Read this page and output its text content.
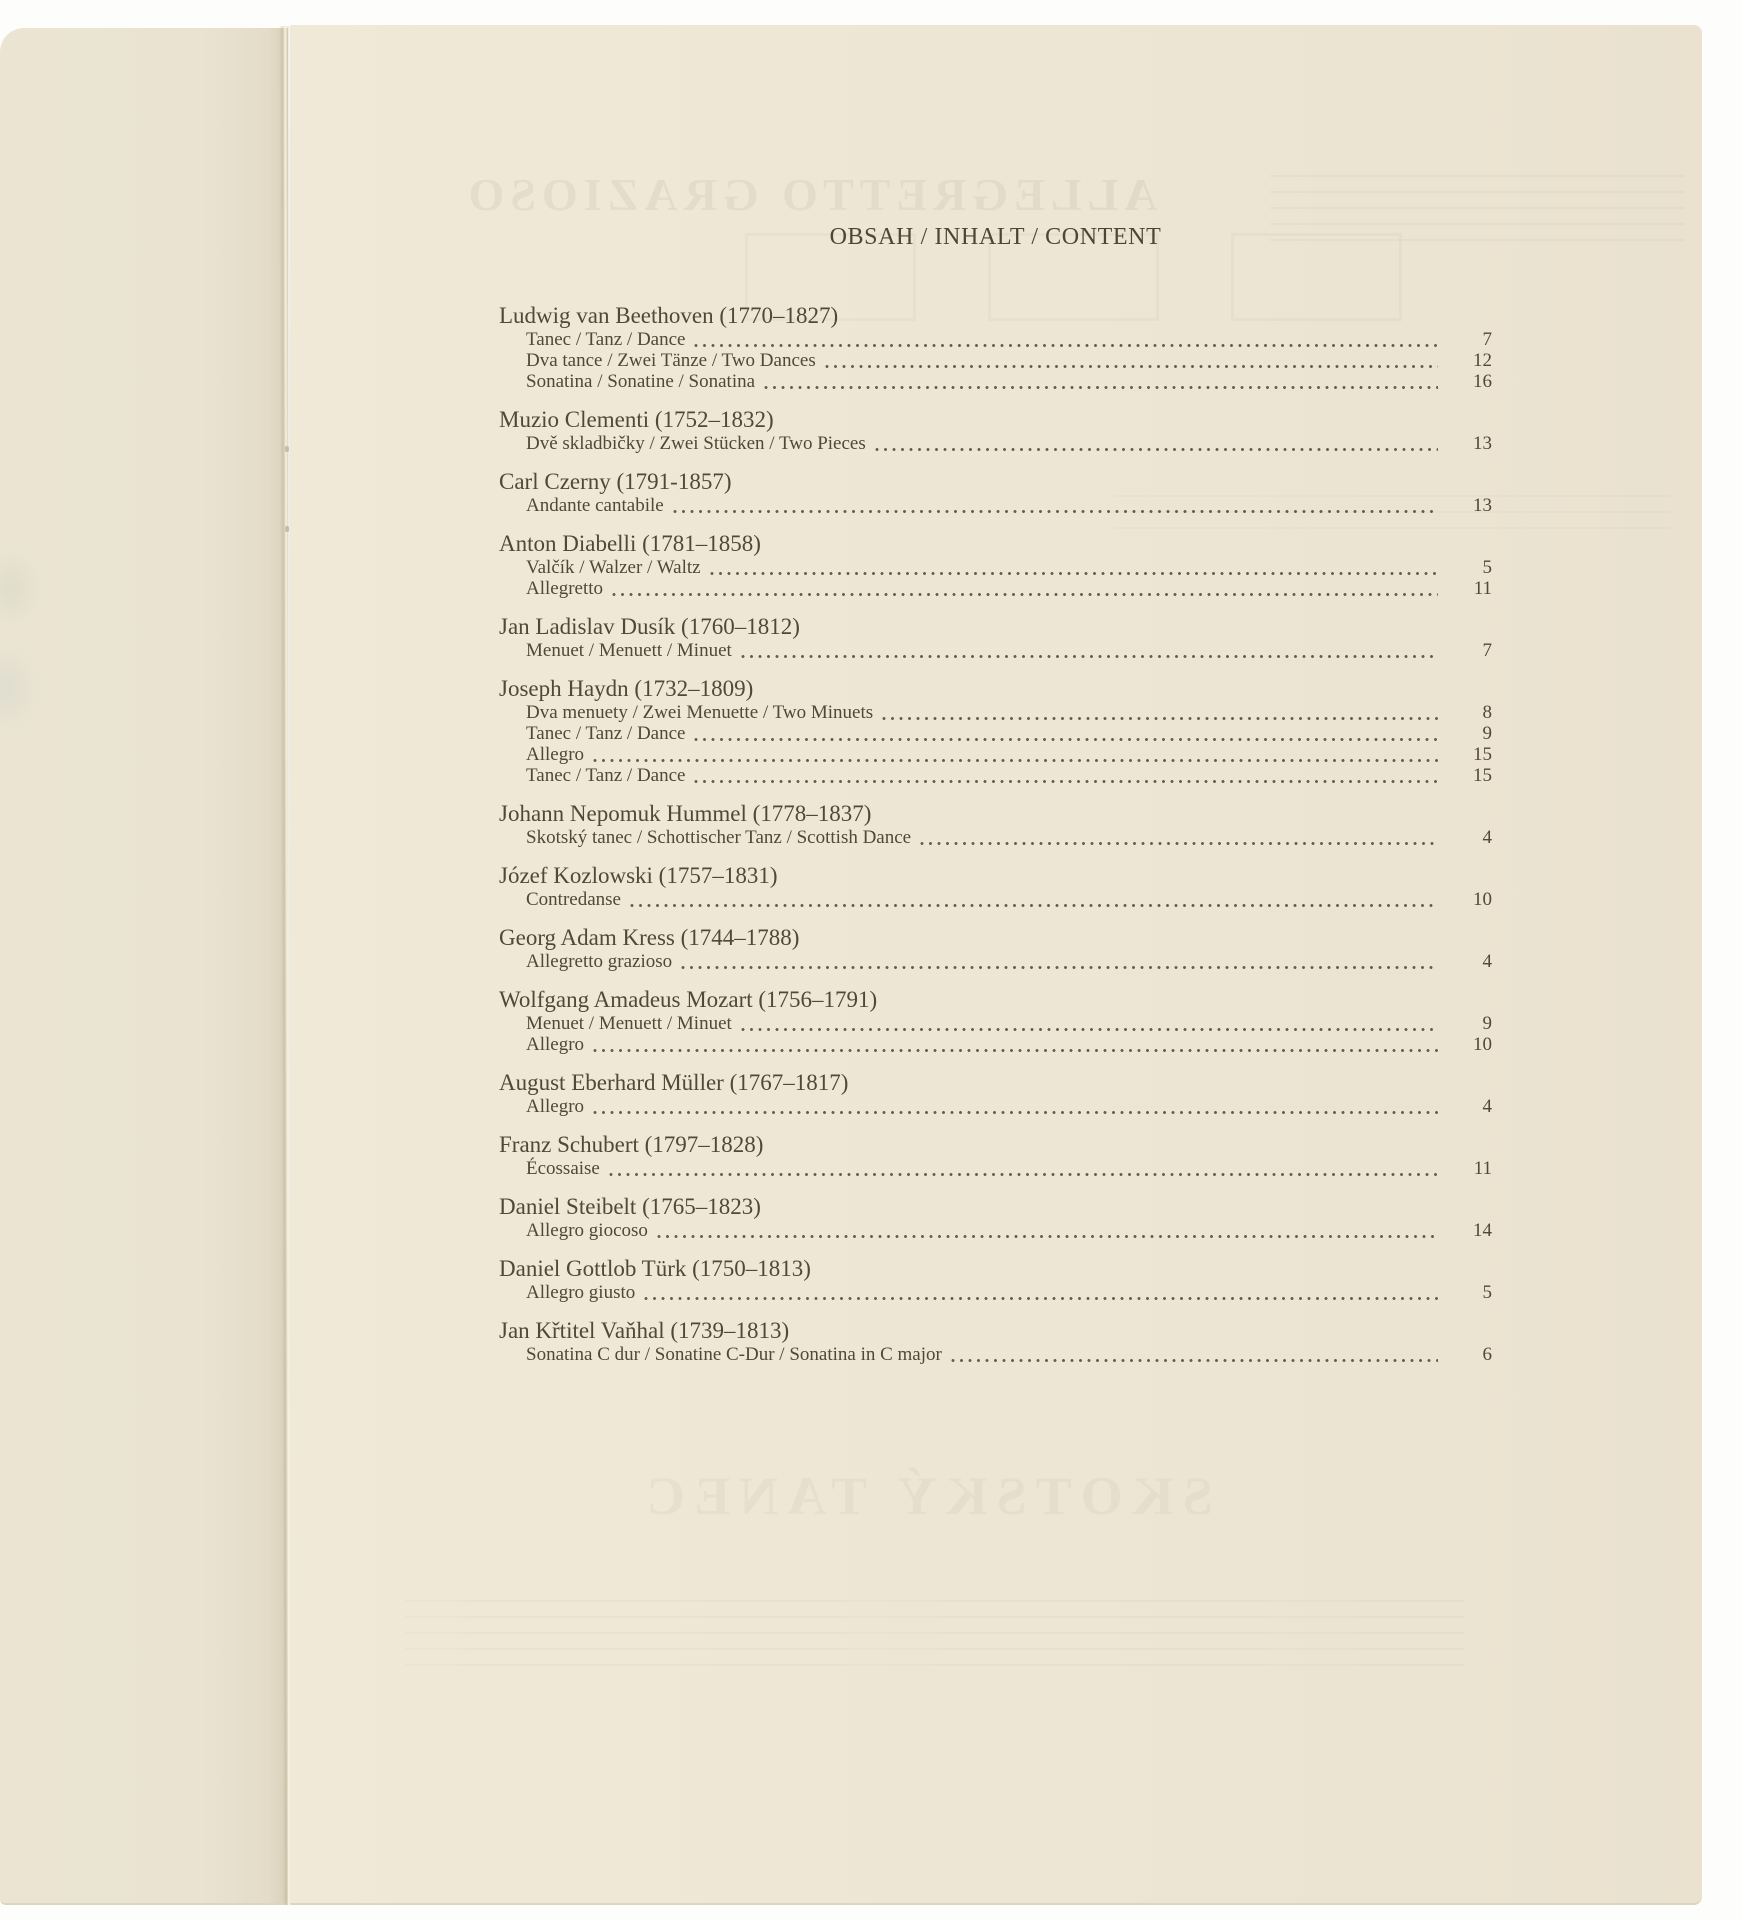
ALLEGRETTO GRAZIOSO
OBSAH / INHALT / CONTENT
Ludwig van Beethoven (1770–1827)
Tanec / Tanz / Dance	7
Dva tance / Zwei Tänze / Two Dances	12
Sonatina / Sonatine / Sonatina	16
Muzio Clementi (1752–1832)
Dvě skladbičky / Zwei Stücken / Two Pieces	13
Carl Czerny (1791-1857)
Andante cantabile	13
Anton Diabelli (1781–1858)
Valčík / Walzer / Waltz	5
Allegretto	11
Jan Ladislav Dusík (1760–1812)
Menuet / Menuett / Minuet	7
Joseph Haydn (1732–1809)
Dva menuety / Zwei Menuette / Two Minuets	8
Tanec / Tanz / Dance	9
Allegro	15
Tanec / Tanz / Dance	15
Johann Nepomuk Hummel (1778–1837)
Skotský tanec / Schottischer Tanz / Scottish Dance	4
Józef Kozlowski (1757–1831)
Contredanse	10
Georg Adam Kress (1744–1788)
Allegretto grazioso	4
Wolfgang Amadeus Mozart (1756–1791)
Menuet / Menuett / Minuet	9
Allegro	10
August Eberhard Müller (1767–1817)
Allegro	4
Franz Schubert (1797–1828)
Écossaise	11
Daniel Steibelt (1765–1823)
Allegro giocoso	14
Daniel Gottlob Türk (1750–1813)
Allegro giusto	5
Jan Křtitel Vaňhal (1739–1813)
Sonatina C dur / Sonatine C-Dur / Sonatina in C major	6
SKOTSKÝ TANEC
